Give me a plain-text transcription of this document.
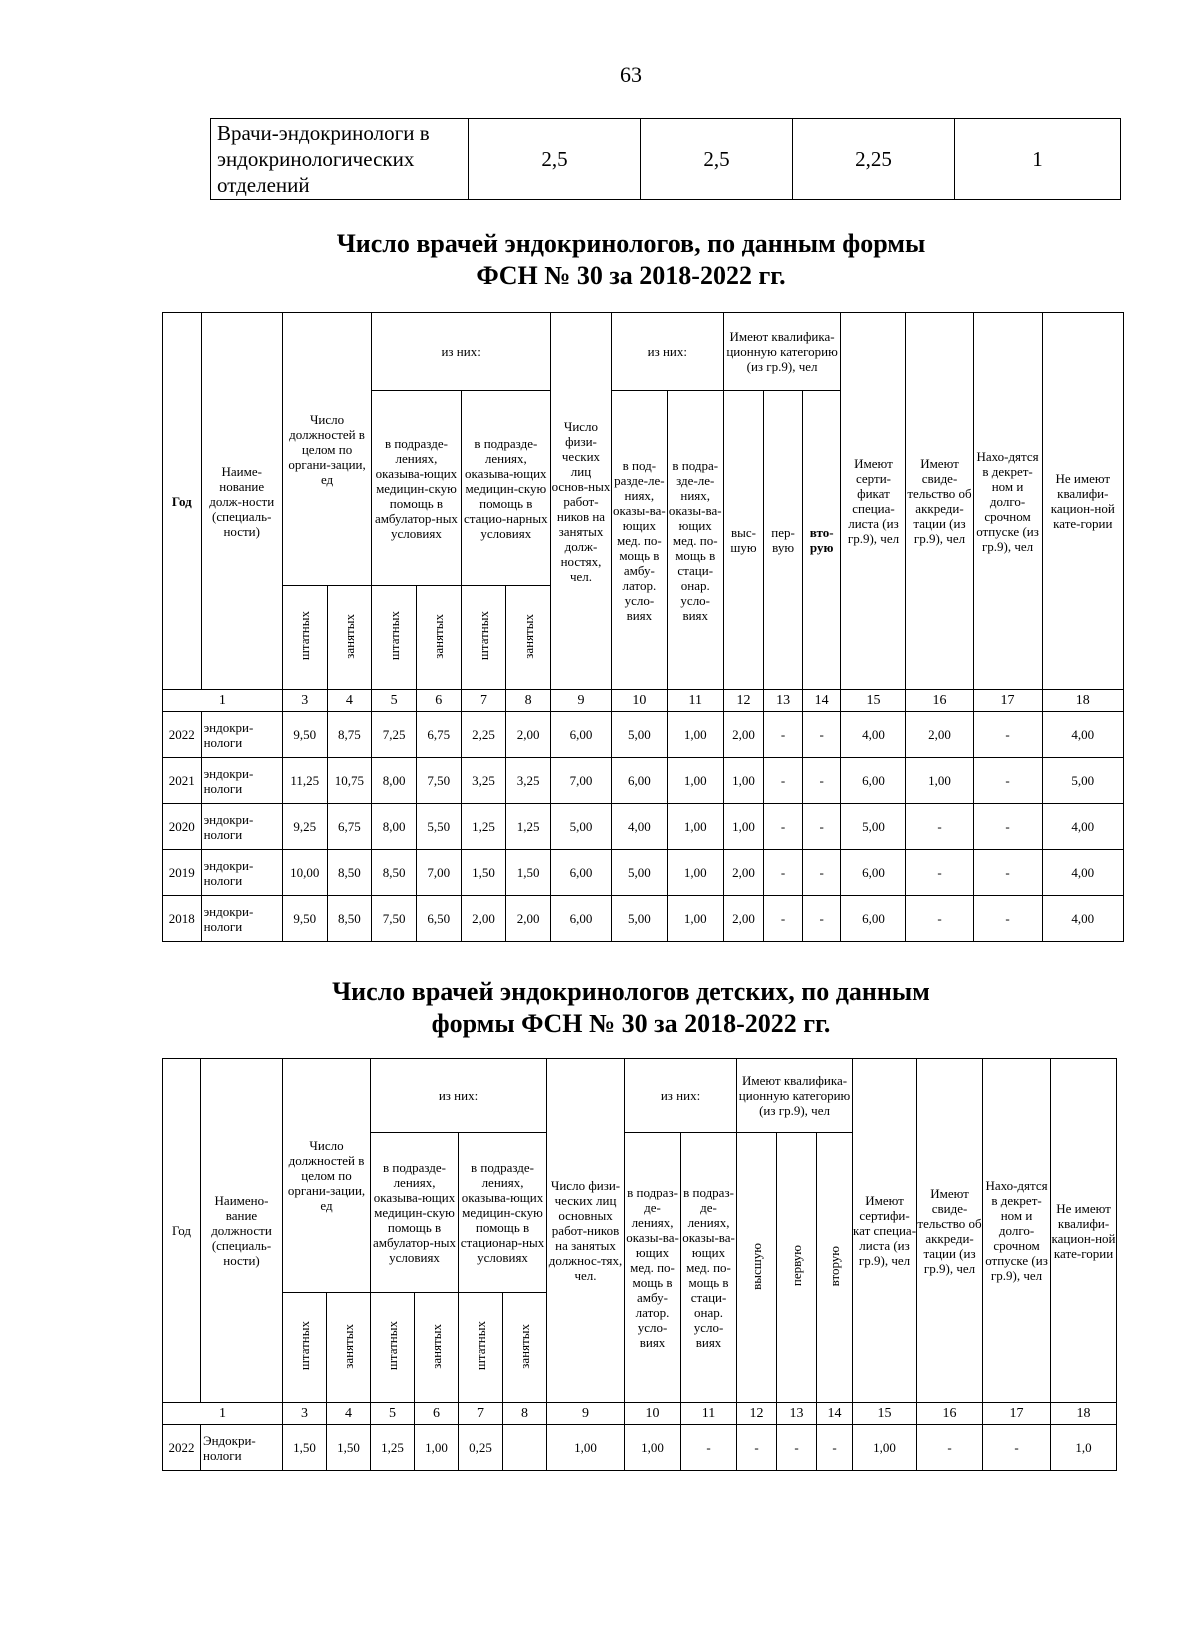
63
Врачи-эндокринологи в эндокринологических отделений	2,5	2,5	2,25	1
Число врачей эндокринологов, по данным формы
ФСН № 30 за 2018-2022 гг.
Год	Наиме-нование долж-ности (специаль-ности)	Число должностей в целом по органи-зации, ед		из них:				Число физи-ческих лиц основ-ных работ-ников на занятых долж-ностях, чел.	из них:		Имеют квалифика-ционную категорию (из гр.9), чел			Имеют серти-фикат специа-листа (из гр.9), чел	Имеют свиде-тельство об аккреди-тации (из гр.9), чел	Нахо-дятся в декрет-ном и долго-срочном отпуске (из гр.9), чел	Не имеют квалифи-кацион-ной кате-гории
				в подразде-лениях, оказыва-ющих медицин-скую помощь в амбулатор-ных условиях		в подразде-лениях, оказыва-ющих медицин-скую помощь в стацио-нарных условиях			в под-разде-ле-ниях, оказы-ва-ющих мед. по-мощь в амбу-латор. усло-виях	в подра-зде-ле-ниях, оказы-ва-ющих мед. по-мощь в стаци-онар. усло-виях	выс-шую	пер-вую	вто-рую				
		штатных	занятых	штатных	занятых	штатных	занятых										
1		3	4	5	6	7	8	9	10	11	12	13	14	15	16	17	18
2022	эндокри-нологи	9,50	8,75	7,25	6,75	2,25	2,00	6,00	5,00	1,00	2,00	-	-	4,00	2,00	-	4,00
2021	эндокри-нологи	11,25	10,75	8,00	7,50	3,25	3,25	7,00	6,00	1,00	1,00	-	-	6,00	1,00	-	5,00
2020	эндокри-нологи	9,25	6,75	8,00	5,50	1,25	1,25	5,00	4,00	1,00	1,00	-	-	5,00	-	-	4,00
2019	эндокри-нологи	10,00	8,50	8,50	7,00	1,50	1,50	6,00	5,00	1,00	2,00	-	-	6,00	-	-	4,00
2018	эндокри-нологи	9,50	8,50	7,50	6,50	2,00	2,00	6,00	5,00	1,00	2,00	-	-	6,00	-	-	4,00
Число врачей эндокринологов детских, по данным
формы ФСН № 30 за 2018-2022 гг.
Год	Наимено-вание должности (специаль-ности)	Число должностей в целом по органи-зации, ед		из них:				Число физи-ческих лиц основных работ-ников на занятых должнос-тях, чел.	из них:		Имеют квалифика-ционную категорию (из гр.9), чел			Имеют сертифи-кат специа-листа (из гр.9), чел	Имеют свиде-тельство об аккреди-тации (из гр.9), чел	Нахо-дятся в декрет-ном и долго-срочном отпуске (из гр.9), чел	Не имеют квалифи-кацион-ной кате-гории
				в подразде-лениях, оказыва-ющих медицин-скую помощь в амбулатор-ных условиях		в подразде-лениях, оказыва-ющих медицин-скую помощь в стационар-ных условиях			в подраз-де-лениях, оказы-ва-ющих мед. по-мощь в амбу-латор. усло-виях	в подраз-де-лениях, оказы-ва-ющих мед. по-мощь в стаци-онар. усло-виях	высшую	первую	вторую				
		штатных	занятых	штатных	занятых	штатных	занятых										
1		3	4	5	6	7	8	9	10	11	12	13	14	15	16	17	18
2022	Эндокри-нологи	1,50	1,50	1,25	1,00	0,25		1,00	1,00	-	-	-	-	1,00	-	-	1,0
